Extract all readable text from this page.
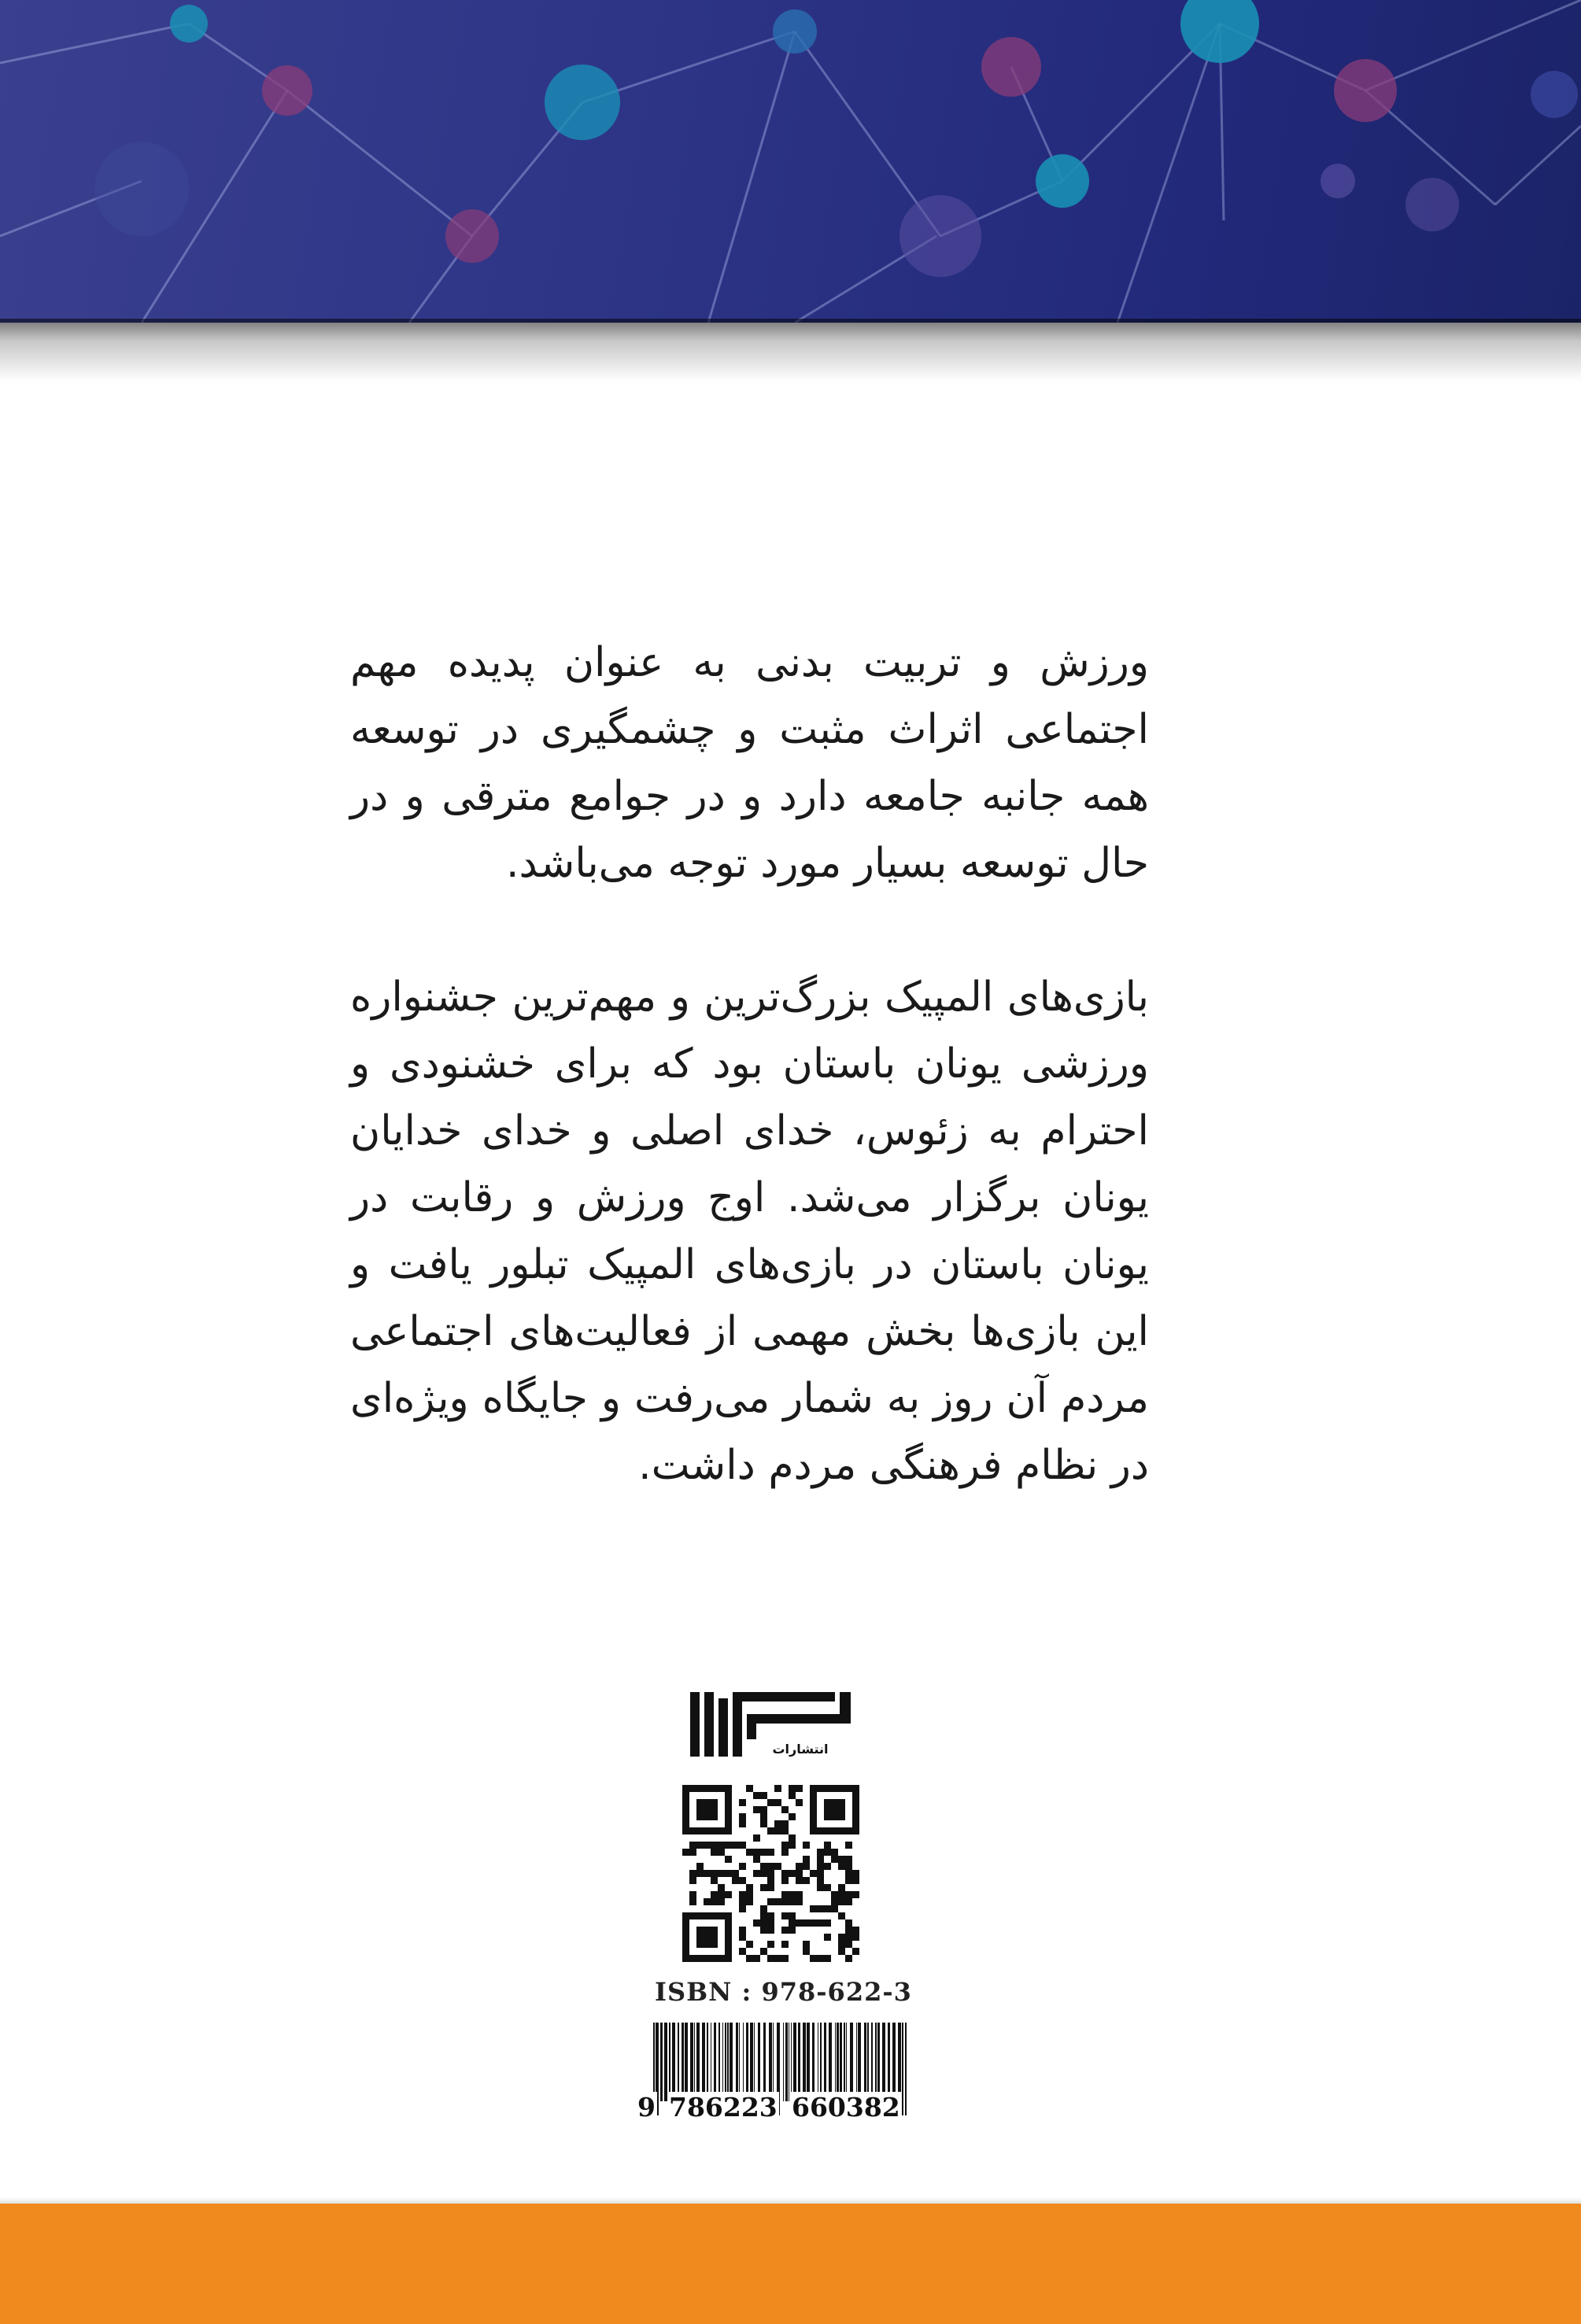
ورزش و تربیت بدنی به عنوان پدیده مهم اجتماعی اثراث مثبت و چشمگیری در توسعه همه جانبه جامعه دارد و در جوامع مترقی و در حال توسعه بسیار مورد توجه می‌باشد.

بازی‌های المپیک بزرگ‌ترین و مهم‌ترین جشنواره ورزشی یونان باستان بود که برای خشنودی و احترام به زئوس، خدای اصلی و خدای خدایان یونان برگزار می‌شد. اوج ورزش و رقابت در یونان باستان در بازی‌های المپیک تبلور یافت و این بازی‌ها بخش مهمی از فعالیت‌های اجتماعی مردم آن روز به شمار می‌رفت و جایگاه ویژه‌ای در نظام فرهنگی مردم داشت.

انتشارات
ISBN : 978-622-3
9 786223 660382
